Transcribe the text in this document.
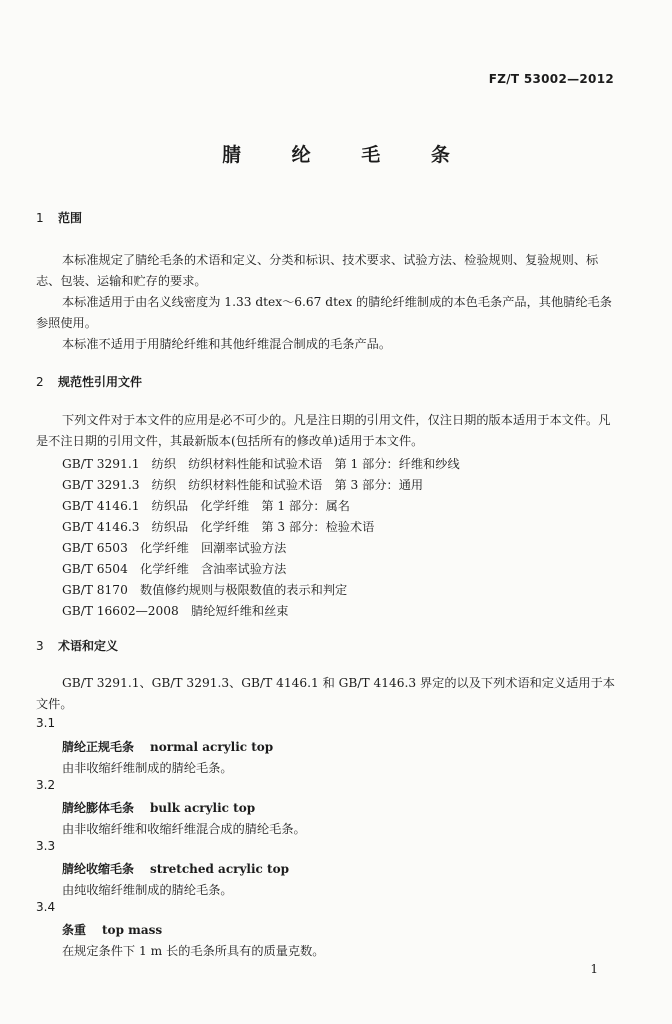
FZ/T 53002—2012
腈 纶 毛 条
1 范围
本标准规定了腈纶毛条的术语和定义、分类和标识、技术要求、试验方法、检验规则、复验规则、标志、包装、运输和贮存的要求。
本标准适用于由名义线密度为 1.33 dtex～6.67 dtex 的腈纶纤维制成的本色毛条产品，其他腈纶毛条参照使用。
本标准不适用于用腈纶纤维和其他纤维混合制成的毛条产品。
2 规范性引用文件
下列文件对于本文件的应用是必不可少的。凡是注日期的引用文件，仅注日期的版本适用于本文件。凡是不注日期的引用文件，其最新版本(包括所有的修改单)适用于本文件。
GB/T 3291.1　纺织　纺织材料性能和试验术语　第 1 部分：纤维和纱线
GB/T 3291.3　纺织　纺织材料性能和试验术语　第 3 部分：通用
GB/T 4146.1　纺织品　化学纤维　第 1 部分：属名
GB/T 4146.3　纺织品　化学纤维　第 3 部分：检验术语
GB/T 6503　化学纤维　回潮率试验方法
GB/T 6504　化学纤维　含油率试验方法
GB/T 8170　数值修约规则与极限数值的表示和判定
GB/T 16602—2008　腈纶短纤维和丝束
3 术语和定义
GB/T 3291.1、GB/T 3291.3、GB/T 4146.1 和 GB/T 4146.3 界定的以及下列术语和定义适用于本文件。
3.1
腈纶正规毛条 normal acrylic top
由非收缩纤维制成的腈纶毛条。
3.2
腈纶膨体毛条 bulk acrylic top
由非收缩纤维和收缩纤维混合成的腈纶毛条。
3.3
腈纶收缩毛条 stretched acrylic top
由纯收缩纤维制成的腈纶毛条。
3.4
条重 top mass
在规定条件下 1 m 长的毛条所具有的质量克数。
1
